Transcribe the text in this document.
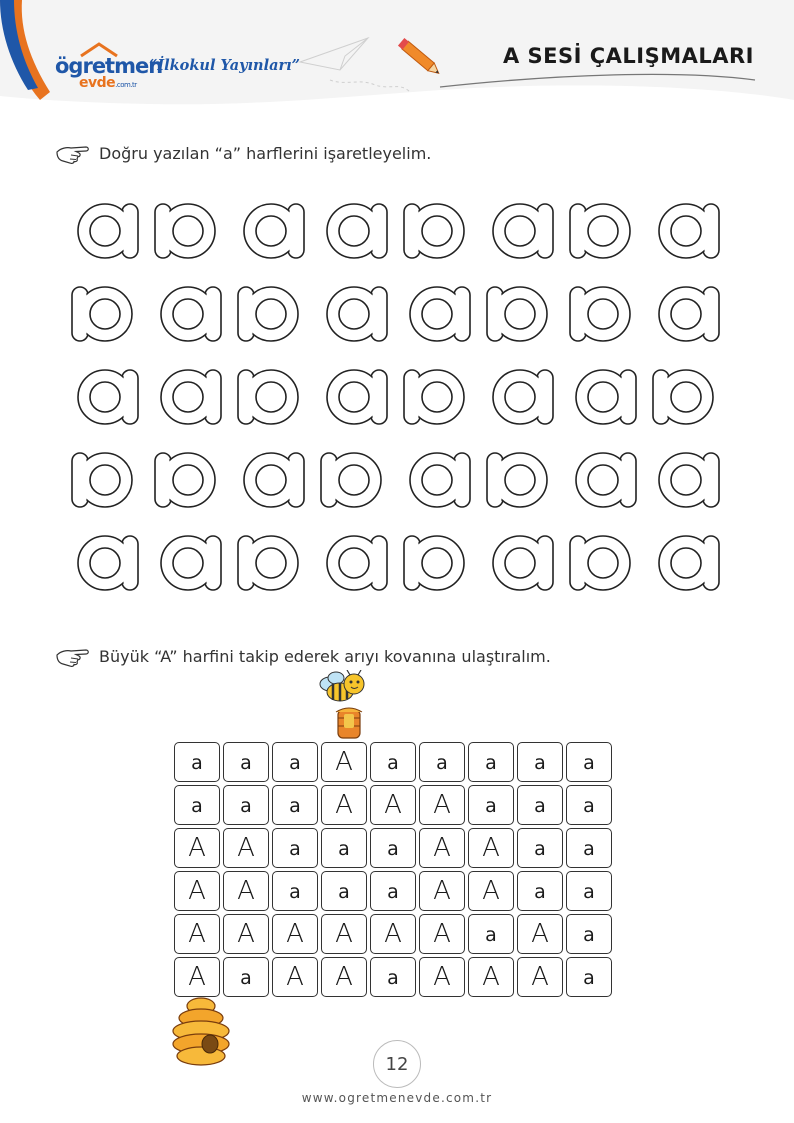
ögretmen
evde.com.tr
“İlkokul Yayınları”	A SESİ ÇALIŞMALARI
Doğru yazılan “a” harflerini işaretleyelim.
Büyük “A” harfini takip ederek arıyı kovanına ulaştıralım.
a	a	a	A	a	a	a	a	a
a	a	a	A	A	A	a	a	a
A	A	a	a	a	A	A	a	a
A	A	a	a	a	A	A	a	a
A	A	A	A	A	A	a	A	a
A	a	A	A	a	A	A	A	a
12
www.ogretmenevde.com.tr
